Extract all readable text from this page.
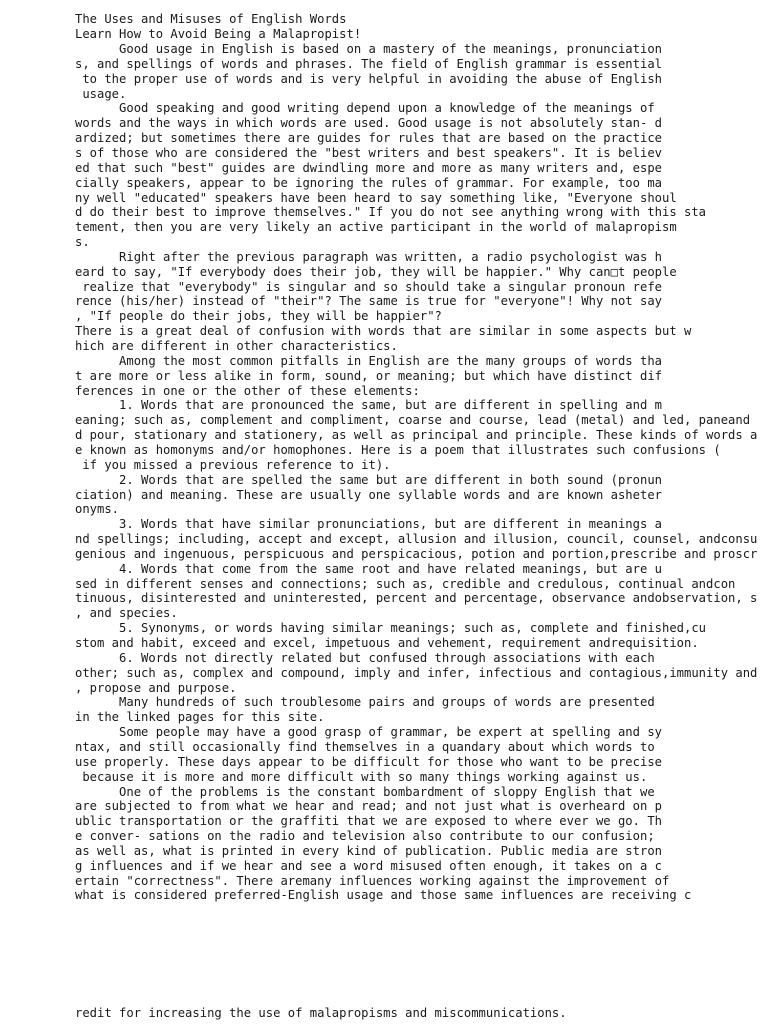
The Uses and Misuses of English Words
Learn How to Avoid Being a Malapropist!
Good usage in English is based on a mastery of the meanings, pronunciation
s, and spellings of words and phrases. The field of English grammar is essential
to the proper use of words and is very helpful in avoiding the abuse of English
usage.
Good speaking and good writing depend upon a knowledge of the meanings of
words and the ways in which words are used. Good usage is not absolutely stan- d
ardized; but sometimes there are guides for rules that are based on the practice
s of those who are considered the "best writers and best speakers". It is believ
ed that such "best" guides are dwindling more and more as many writers and, espe
cially speakers, appear to be ignoring the rules of grammar. For example, too ma
ny well "educated" speakers have been heard to say something like, "Everyone shoul
d do their best to improve themselves." If you do not see anything wrong with this sta
tement, then you are very likely an active participant in the world of malapropism
s.
Right after the previous paragraph was written, a radio psychologist was h
eard to say, "If everybody does their job, they will be happier." Why can□t people
realize that "everybody" is singular and so should take a singular pronoun refe
rence (his/her) instead of "their"? The same is true for "everyone"! Why not say
, "If people do their jobs, they will be happier"?
There is a great deal of confusion with words that are similar in some aspects but w
hich are different in other characteristics.
Among the most common pitfalls in English are the many groups of words tha
t are more or less alike in form, sound, or meaning; but which have distinct dif
ferences in one or the other of these elements:
1. Words that are pronounced the same, but are different in spelling and m
eaning; such as, complement and compliment, coarse and course, lead (metal) and led, paneand
d pour, stationary and stationery, as well as principal and principle. These kinds of words a
e known as homonyms and/or homophones. Here is a poem that illustrates such confusions (
if you missed a previous reference to it).
2. Words that are spelled the same but are different in both sound (pronun
ciation) and meaning. These are usually one syllable words and are known asheter
onyms.
3. Words that have similar pronunciations, but are different in meanings a
nd spellings; including, accept and except, allusion and illusion, council, counsel, andconsu
genious and ingenuous, perspicuous and perspicacious, potion and portion,prescribe and proscr
4. Words that come from the same root and have related meanings, but are u
sed in different senses and connections; such as, credible and credulous, continual andcon
tinuous, disinterested and uninterested, percent and percentage, observance andobservation, s
, and species.
5. Synonyms, or words having similar meanings; such as, complete and finished,cu
stom and habit, exceed and excel, impetuous and vehement, requirement andrequisition.
6. Words not directly related but confused through associations with each
other; such as, complex and compound, imply and infer, infectious and contagious,immunity and
, propose and purpose.
Many hundreds of such troublesome pairs and groups of words are presented
in the linked pages for this site.
Some people may have a good grasp of grammar, be expert at spelling and sy
ntax, and still occasionally find themselves in a quandary about which words to
use properly. These days appear to be difficult for those who want to be precise
because it is more and more difficult with so many things working against us.
One of the problems is the constant bombardment of sloppy English that we
are subjected to from what we hear and read; and not just what is overheard on p
ublic transportation or the graffiti that we are exposed to where ever we go. Th
e conver- sations on the radio and television also contribute to our confusion;
as well as, what is printed in every kind of publication. Public media are stron
g influences and if we hear and see a word misused often enough, it takes on a c
ertain "correctness". There aremany influences working against the improvement of
what is considered preferred-English usage and those same influences are receiving c
redit for increasing the use of malapropisms and miscommunications.
